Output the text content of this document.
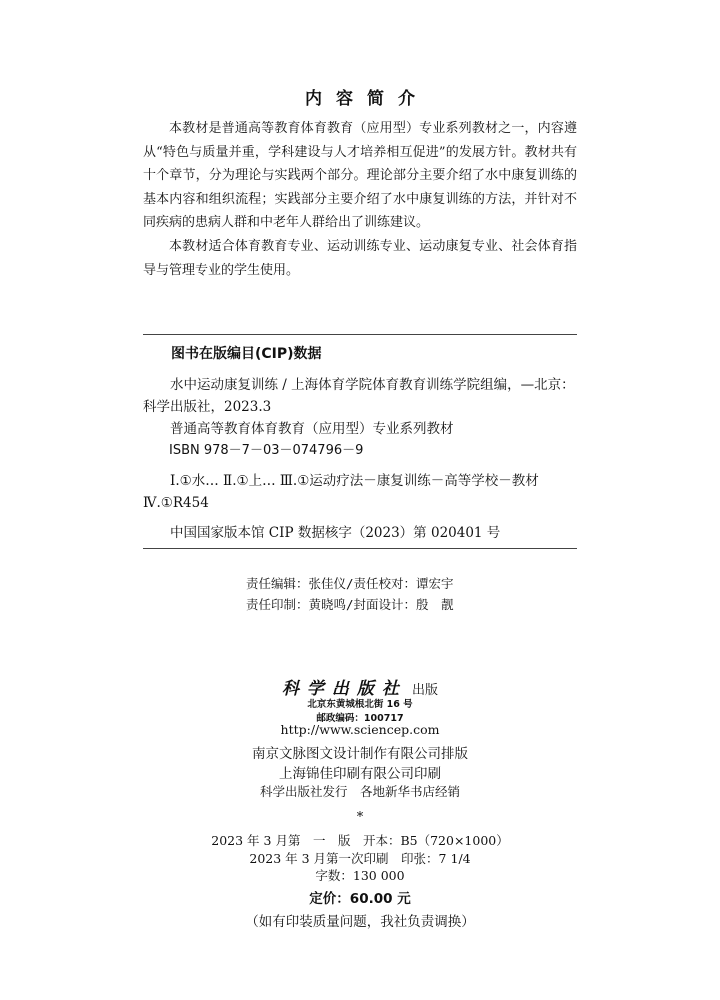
内容简介

本教材是普通高等教育体育教育（应用型）专业系列教材之一，内容遵从“特色与质量并重，学科建设与人才培养相互促进”的发展方针。教材共有十个章节，分为理论与实践两个部分。理论部分主要介绍了水中康复训练的基本内容和组织流程；实践部分主要介绍了水中康复训练的方法，并针对不同疾病的患病人群和中老年人群给出了训练建议。

本教材适合体育教育专业、运动训练专业、运动康复专业、社会体育指导与管理专业的学生使用。

图书在版编目(CIP)数据

水中运动康复训练 / 上海体育学院体育教育训练学院组编，—北京：科学出版社，2023.3

普通高等教育体育教育（应用型）专业系列教材

ISBN 978－7－03－074796－9

Ⅰ.①水… Ⅱ.①上… Ⅲ.①运动疗法－康复训练－高等学校－教材 Ⅳ.①R454

中国国家版本馆 CIP 数据核字（2023）第 020401 号

责任编辑：张佳仪/责任校对：谭宏宇
责任印制：黄晓鸣/封面设计：殷　靓
科学出版社 出版
北京东黄城根北街 16 号
邮政编码：100717
http://www.sciencep.com
南京文脉图文设计制作有限公司排版
上海锦佳印刷有限公司印刷
科学出版社发行　各地新华书店经销
*
2023 年 3 月第　一　版　开本：B5（720×1000）
2023 年 3 月第一次印刷　印张：7 1/4
字数：130 000
定价：60.00 元
（如有印装质量问题，我社负责调换）
